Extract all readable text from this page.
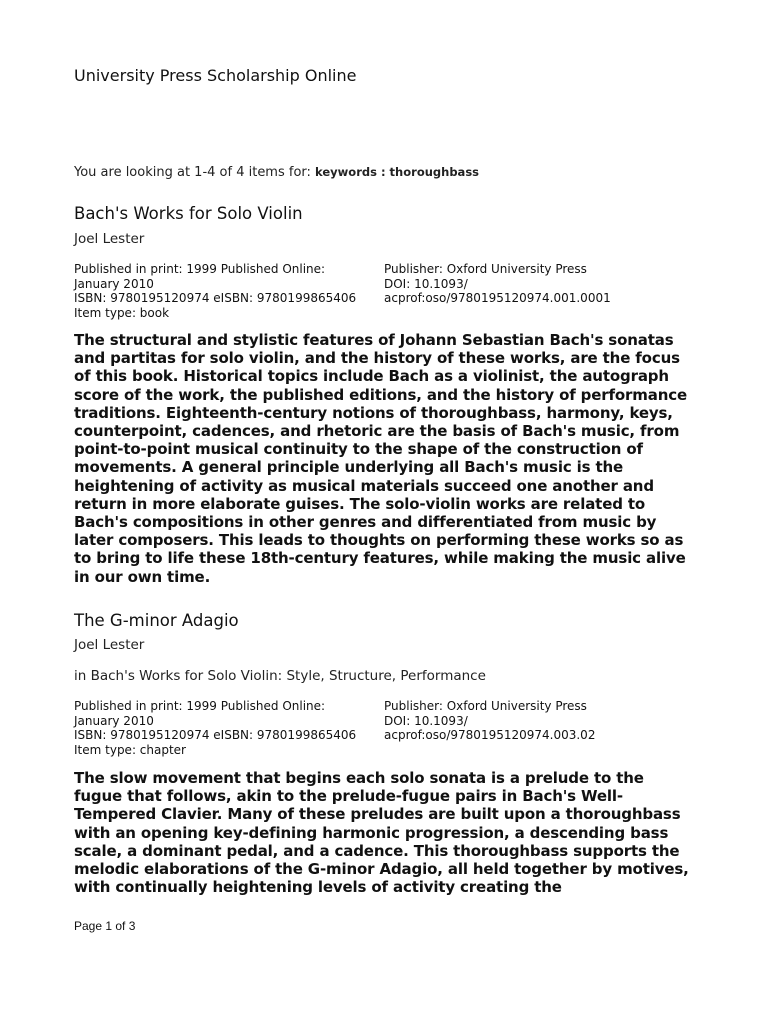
University Press Scholarship Online
You are looking at 1-4 of 4 items for: keywords : thoroughbass
Bach's Works for Solo Violin
Joel Lester
Published in print: 1999 Published Online:
January 2010
ISBN: 9780195120974 eISBN: 9780199865406
Item type: book
Publisher: Oxford University Press
DOI: 10.1093/
acprof:oso/9780195120974.001.0001
The structural and stylistic features of Johann Sebastian Bach's sonatas and partitas for solo violin, and the history of these works, are the focus of this book. Historical topics include Bach as a violinist, the autograph score of the work, the published editions, and the history of performance traditions. Eighteenth-century notions of thoroughbass, harmony, keys, counterpoint, cadences, and rhetoric are the basis of Bach's music, from point-to-point musical continuity to the shape of the construction of movements. A general principle underlying all Bach's music is the heightening of activity as musical materials succeed one another and return in more elaborate guises. The solo-violin works are related to Bach's compositions in other genres and differentiated from music by later composers. This leads to thoughts on performing these works so as to bring to life these 18th-century features, while making the music alive in our own time.
The G-minor Adagio
Joel Lester
in Bach's Works for Solo Violin: Style, Structure, Performance
Published in print: 1999 Published Online:
January 2010
ISBN: 9780195120974 eISBN: 9780199865406
Item type: chapter
Publisher: Oxford University Press
DOI: 10.1093/
acprof:oso/9780195120974.003.02
The slow movement that begins each solo sonata is a prelude to the fugue that follows, akin to the prelude-fugue pairs in Bach's Well-Tempered Clavier. Many of these preludes are built upon a thoroughbass with an opening key-defining harmonic progression, a descending bass scale, a dominant pedal, and a cadence. This thoroughbass supports the melodic elaborations of the G-minor Adagio, all held together by motives, with continually heightening levels of activity creating the
Page 1 of 3
